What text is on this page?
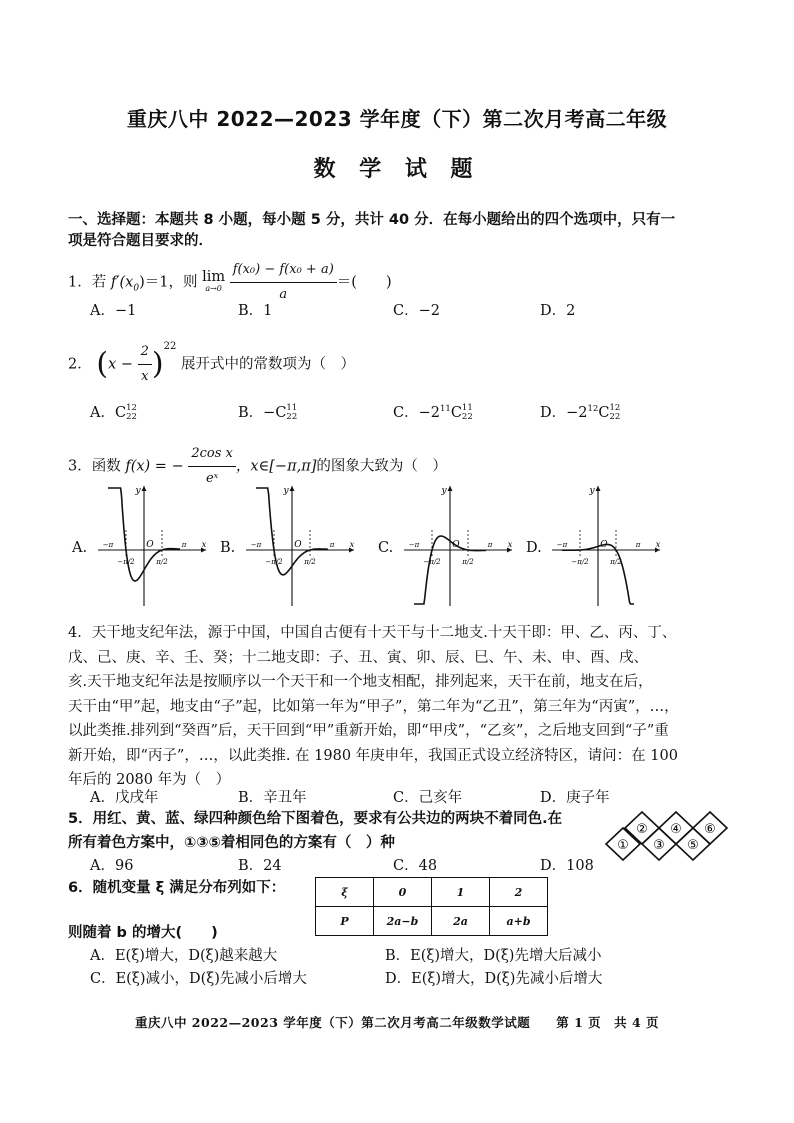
重庆八中 2022—2023 学年度（下）第二次月考高二年级
数 学 试 题
一、选择题：本题共 8 小题，每小题 5 分，共计 40 分．在每小题给出的四个选项中，只有一
项是符合题目要求的．
1．若 $f'(x_0)=1$，则 lim
a→0
$\frac{\text{f(x₀) − f(x₀ + a)}}{a}$ ＝(　　)
A．−1	B．1	C．−2	D．2
2． $(x - \frac{2}{x} )^{22}$ 展开式中的常数项为（　）
A．C 12
22	B．−C 11
22	C．$-2^{11}C$ 11
22	D．$-2^{12}C$ 12
22
3．函数 f(x) = − $\frac{\text{2cos x}}{\text{eˣ}}$ ，x∈[−π,π]的图象大致为（　）
A.
y
x
O
−π	π
−π/2	π/2
B.
y
x
O
−π	π
−π/2	π/2
C.
y
x
O
−π	π
−π/2	π/2
D.
y
x
O
−π	π
−π/2	π/2
4．天干地支纪年法，源于中国，中国自古便有十天干与十二地支.十天干即：甲、乙、丙、丁、
戊、己、庚、辛、壬、癸；十二地支即：子、丑、寅、卯、辰、巳、午、未、申、酉、戌、
亥.天干地支纪年法是按顺序以一个天干和一个地支相配，排列起来，天干在前，地支在后，
天干由“甲”起，地支由“子”起，比如第一年为“甲子”，第二年为“乙丑”，第三年为“丙寅”，…，
以此类推.排列到“癸酉”后，天干回到“甲”重新开始，即“甲戌”，“乙亥”，之后地支回到“子”重
新开始，即“丙子”，…，以此类推. 在 1980 年庚申年，我国正式设立经济特区，请问：在 100
年后的 2080 年为（　）
A．戊戌年	B．辛丑年	C．己亥年	D．庚子年
5．用红、黄、蓝、绿四种颜色给下图着色，要求有公共边的两块不着同色.在
所有着色方案中，①③⑤着相同色的方案有（　）种
A．96	B．24	C．48	D．108
①
②
③
④
⑤
⑥
6．随机变量 ξ 满足分布列如下：	ξ	0	1	2
P	2a−b	2a	a+b
则随着 b 的增大(　　)
A．E(ξ)增大，D(ξ)越来越大	B．E(ξ)增大，D(ξ)先增大后减小
C．E(ξ)减小，D(ξ)先减小后增大	D．E(ξ)增大，D(ξ)先减小后增大
重庆八中 2022—2023 学年度（下）第二次月考高二年级数学试题　　第 1 页　共 4 页
